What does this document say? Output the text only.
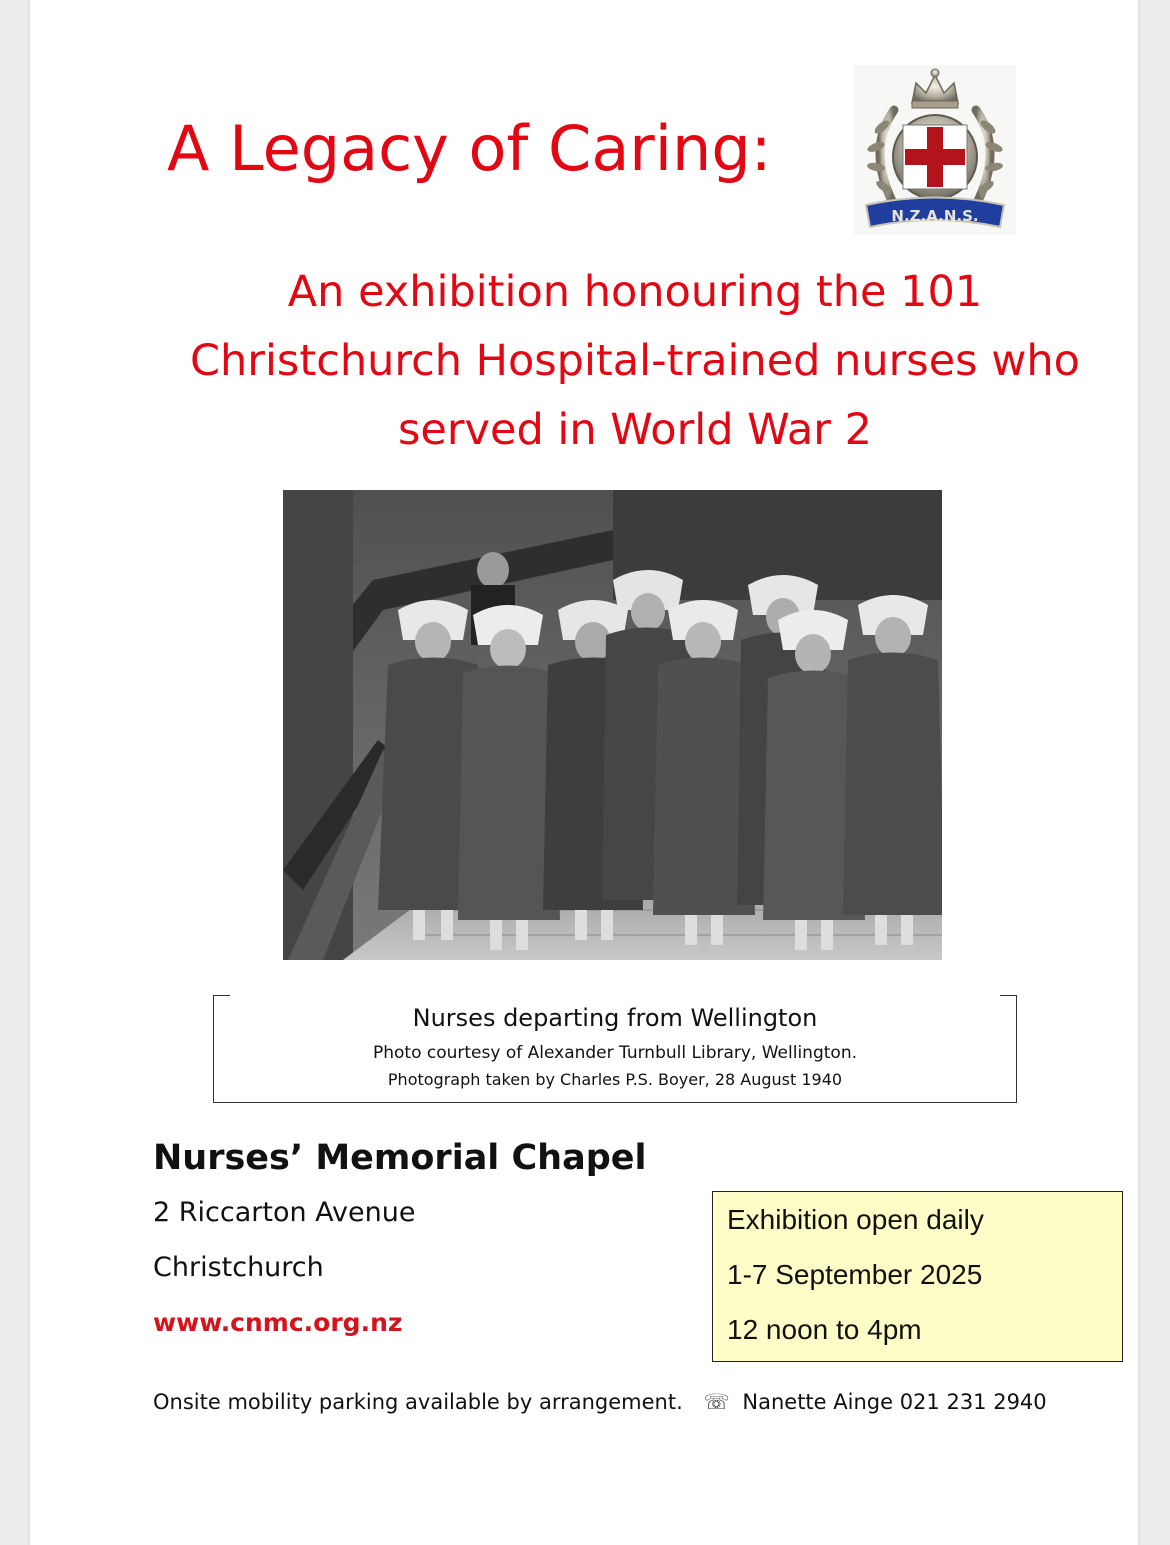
A Legacy of Caring:
N.Z.A.N.S.
An exhibition honouring the 101
Christchurch Hospital-trained nurses who
served in World War 2
Nurses departing from Wellington
Photo courtesy of Alexander Turnbull Library, Wellington.
Photograph taken by Charles P.S. Boyer, 28 August 1940
Nurses’ Memorial Chapel
2 Riccarton Avenue
Christchurch
www.cnmc.org.nz
Exhibition open daily
1-7 September 2025
12 noon to 4pm
Onsite mobility parking available by arrangement. ☏ Nanette Ainge 021 231 2940
